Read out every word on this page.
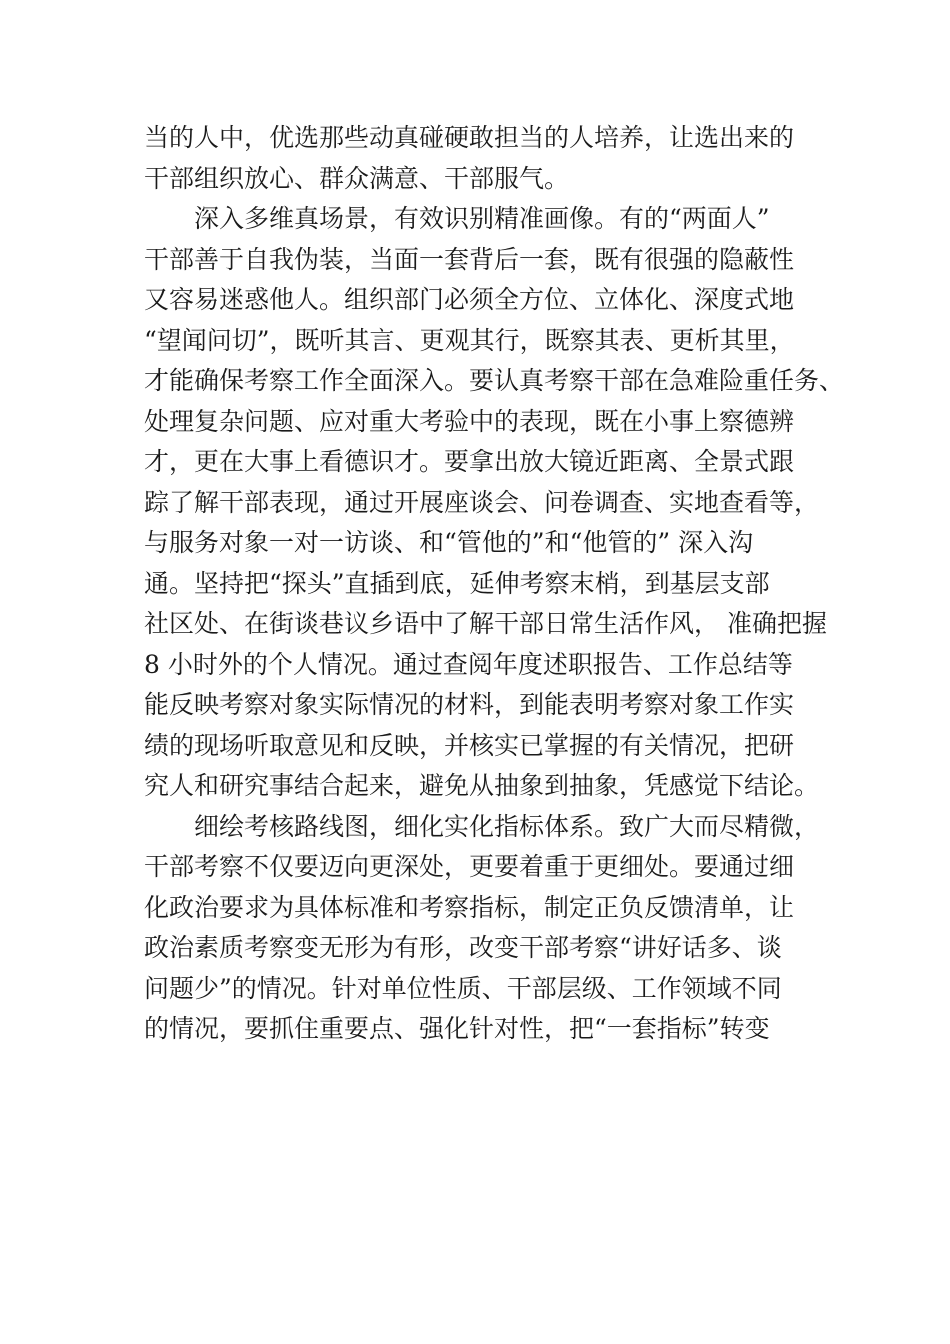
当的人中，优选那些动真碰硬敢担当的人培养，让选出来的
干部组织放心、群众满意、干部服气。
深入多维真场景，有效识别精准画像。有的“两面人”
干部善于自我伪装，当面一套背后一套，既有很强的隐蔽性
又容易迷惑他人。组织部门必须全方位、立体化、深度式地
“望闻问切”，既听其言、更观其行，既察其表、更析其里，
才能确保考察工作全面深入。要认真考察干部在急难险重任务、
处理复杂问题、应对重大考验中的表现，既在小事上察德辨
才，更在大事上看德识才。要拿出放大镜近距离、全景式跟
踪了解干部表现，通过开展座谈会、问卷调查、实地查看等，
与服务对象一对一访谈、和“管他的”和“他管的” 深入沟
通。坚持把“探头”直插到底，延伸考察末梢，到基层支部
社区处、在街谈巷议乡语中了解干部日常生活作风， 准确把握
8 小时外的个人情况。通过查阅年度述职报告、工作总结等
能反映考察对象实际情况的材料，到能表明考察对象工作实
绩的现场听取意见和反映，并核实已掌握的有关情况，把研
究人和研究事结合起来，避免从抽象到抽象，凭感觉下结论。
细绘考核路线图，细化实化指标体系。致广大而尽精微，
干部考察不仅要迈向更深处，更要着重于更细处。要通过细
化政治要求为具体标准和考察指标，制定正负反馈清单，让
政治素质考察变无形为有形，改变干部考察“讲好话多、谈
问题少”的情况。针对单位性质、干部层级、工作领域不同
的情况，要抓住重要点、强化针对性，把“一套指标”转变
